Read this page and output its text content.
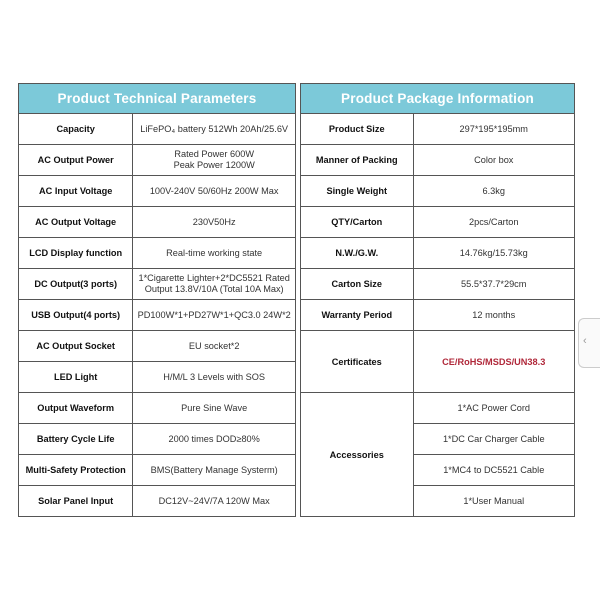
Product Technical Parameters	
Capacity	LiFePO₄ battery 512Wh 20Ah/25.6V
AC Output Power	Rated Power 600W
Peak Power 1200W
AC Input Voltage	100V-240V 50/60Hz 200W Max
AC Output Voltage	230V50Hz
LCD Display function	Real-time working state
DC Output(3 ports)	1*Cigarette Lighter+2*DC5521 Rated
Output 13.8V/10A (Total 10A Max)
USB Output(4 ports)	PD100W*1+PD27W*1+QC3.0 24W*2
AC Output Socket	EU socket*2
LED Light	H/M/L 3 Levels with SOS
Output Waveform	Pure Sine Wave
Battery Cycle Life	2000 times DOD≥80%
Multi-Safety Protection	BMS(Battery Manage Systerm)
Solar Panel Input	DC12V~24V/7A 120W Max
Product Package Information	
Product Size	297*195*195mm
Manner of Packing	Color box
Single Weight	6.3kg
QTY/Carton	2pcs/Carton
N.W./G.W.	14.76kg/15.73kg
Carton Size	55.5*37.7*29cm
Warranty Period	12 months
Certificates	CE/RoHS/MSDS/UN38.3
Accessories	1*AC Power Cord
	1*DC Car Charger Cable
	1*MC4 to DC5521 Cable
	1*User Manual
‹
